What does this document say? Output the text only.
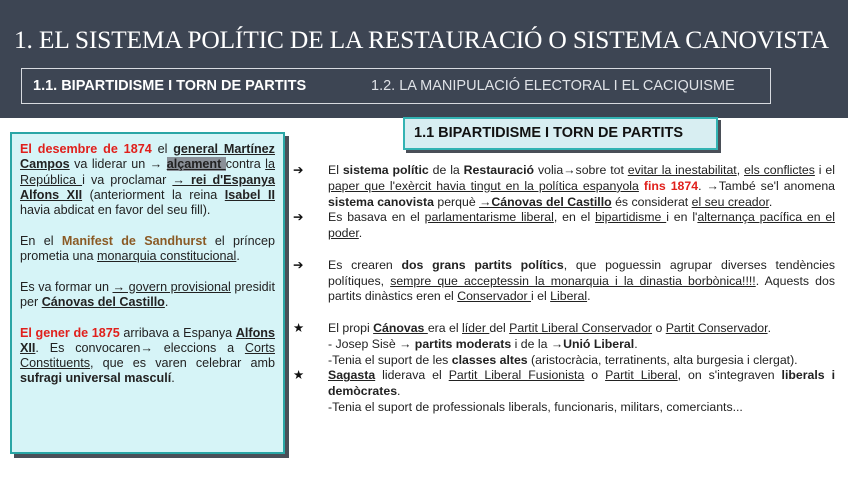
1. EL SISTEMA POLÍTIC DE LA RESTAURACIÓ O SISTEMA CANOVISTA
1.1. BIPARTIDISME I TORN DE PARTITS	1.2. LA MANIPULACIÓ ELECTORAL I EL CACIQUISME
1.1 BIPARTIDISME I TORN DE PARTITS

El desembre de 1874 el general Martínez Campos va liderar un → alçament contra la República i va proclamar → rei d'Espanya Alfons XII (anteriorment la reina Isabel II havia abdicat en favor del seu fill).

En el Manifest de Sandhurst el príncep prometia una monarquia constitucional.

Es va formar un → govern provisional presidit per Cánovas del Castillo.

El gener de 1875 arribava a Espanya Alfons XII. Es convocaren→ eleccions a Corts Constituents, que es varen celebrar amb sufragi universal masculí.

➔ El sistema polític de la Restauració volia→sobre tot evitar la inestabilitat, els conflictes i el paper que l'exèrcit havia tingut en la política espanyola fins 1874. →També se'l anomena sistema canovista perquè →Cánovas del Castillo és considerat el seu creador.
➔ Es basava en el parlamentarisme liberal, en el bipartidisme i en l'alternança pacífica en el poder.
➔ Es crearen dos grans partits polítics, que poguessin agrupar diverses tendències polítiques, sempre que acceptessin la monarquia i la dinastia borbònica!!!!. Aquests dos partits dinàstics eren el Conservador i el Liberal.
★ El propi Cánovas era el líder del Partit Liberal Conservador o Partit Conservador.
- Josep Sisè → partits moderats i de la →Unió Liberal.
-Tenia el suport de les classes altes (aristocràcia, terratinents, alta burgesia i clergat).
★ Sagasta liderava el Partit Liberal Fusionista o Partit Liberal, on s'integraven liberals i demòcrates.
-Tenia el suport de professionals liberals, funcionaris, militars, comerciants...
